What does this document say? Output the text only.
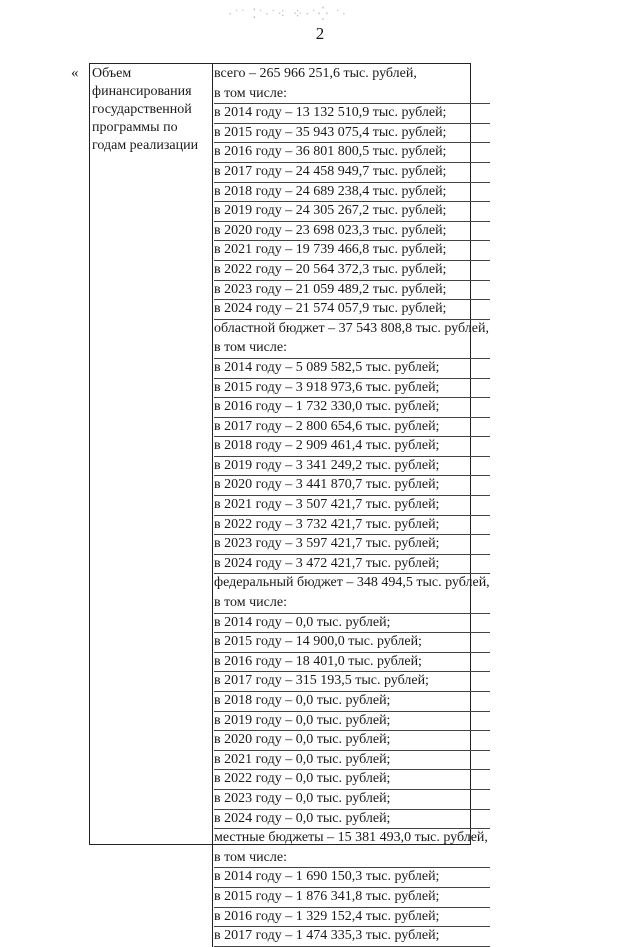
·˙˙ ⁚˙·˙⁖ ⁘·˙⁛ ˙·
2
« Объем
финансирования
государственной
программы по
годам реализации
всего – 265 966 251,6 тыс. рублей,
в том числе:
в 2014 году – 13 132 510,9 тыс. рублей;
в 2015 году – 35 943 075,4 тыс. рублей;
в 2016 году – 36 801 800,5 тыс. рублей;
в 2017 году – 24 458 949,7 тыс. рублей;
в 2018 году – 24 689 238,4 тыс. рублей;
в 2019 году – 24 305 267,2 тыс. рублей;
в 2020 году – 23 698 023,3 тыс. рублей;
в 2021 году – 19 739 466,8 тыс. рублей;
в 2022 году – 20 564 372,3 тыс. рублей;
в 2023 году – 21 059 489,2 тыс. рублей;
в 2024 году – 21 574 057,9 тыс. рублей;
областной бюджет – 37 543 808,8 тыс. рублей,
в том числе:
в 2014 году – 5 089 582,5 тыс. рублей;
в 2015 году – 3 918 973,6 тыс. рублей;
в 2016 году – 1 732 330,0 тыс. рублей;
в 2017 году – 2 800 654,6 тыс. рублей;
в 2018 году – 2 909 461,4 тыс. рублей;
в 2019 году – 3 341 249,2 тыс. рублей;
в 2020 году – 3 441 870,7 тыс. рублей;
в 2021 году – 3 507 421,7 тыс. рублей;
в 2022 году – 3 732 421,7 тыс. рублей;
в 2023 году – 3 597 421,7 тыс. рублей;
в 2024 году – 3 472 421,7 тыс. рублей;
федеральный бюджет – 348 494,5 тыс. рублей,
в том числе:
в 2014 году – 0,0 тыс. рублей;
в 2015 году – 14 900,0 тыс. рублей;
в 2016 году – 18 401,0 тыс. рублей;
в 2017 году – 315 193,5 тыс. рублей;
в 2018 году – 0,0 тыс. рублей;
в 2019 году – 0,0 тыс. рублей;
в 2020 году – 0,0 тыс. рублей;
в 2021 году – 0,0 тыс. рублей;
в 2022 году – 0,0 тыс. рублей;
в 2023 году – 0,0 тыс. рублей;
в 2024 году – 0,0 тыс. рублей;
местные бюджеты – 15 381 493,0 тыс. рублей,
в том числе:
в 2014 году – 1 690 150,3 тыс. рублей;
в 2015 году – 1 876 341,8 тыс. рублей;
в 2016 году – 1 329 152,4 тыс. рублей;
в 2017 году – 1 474 335,3 тыс. рублей;
